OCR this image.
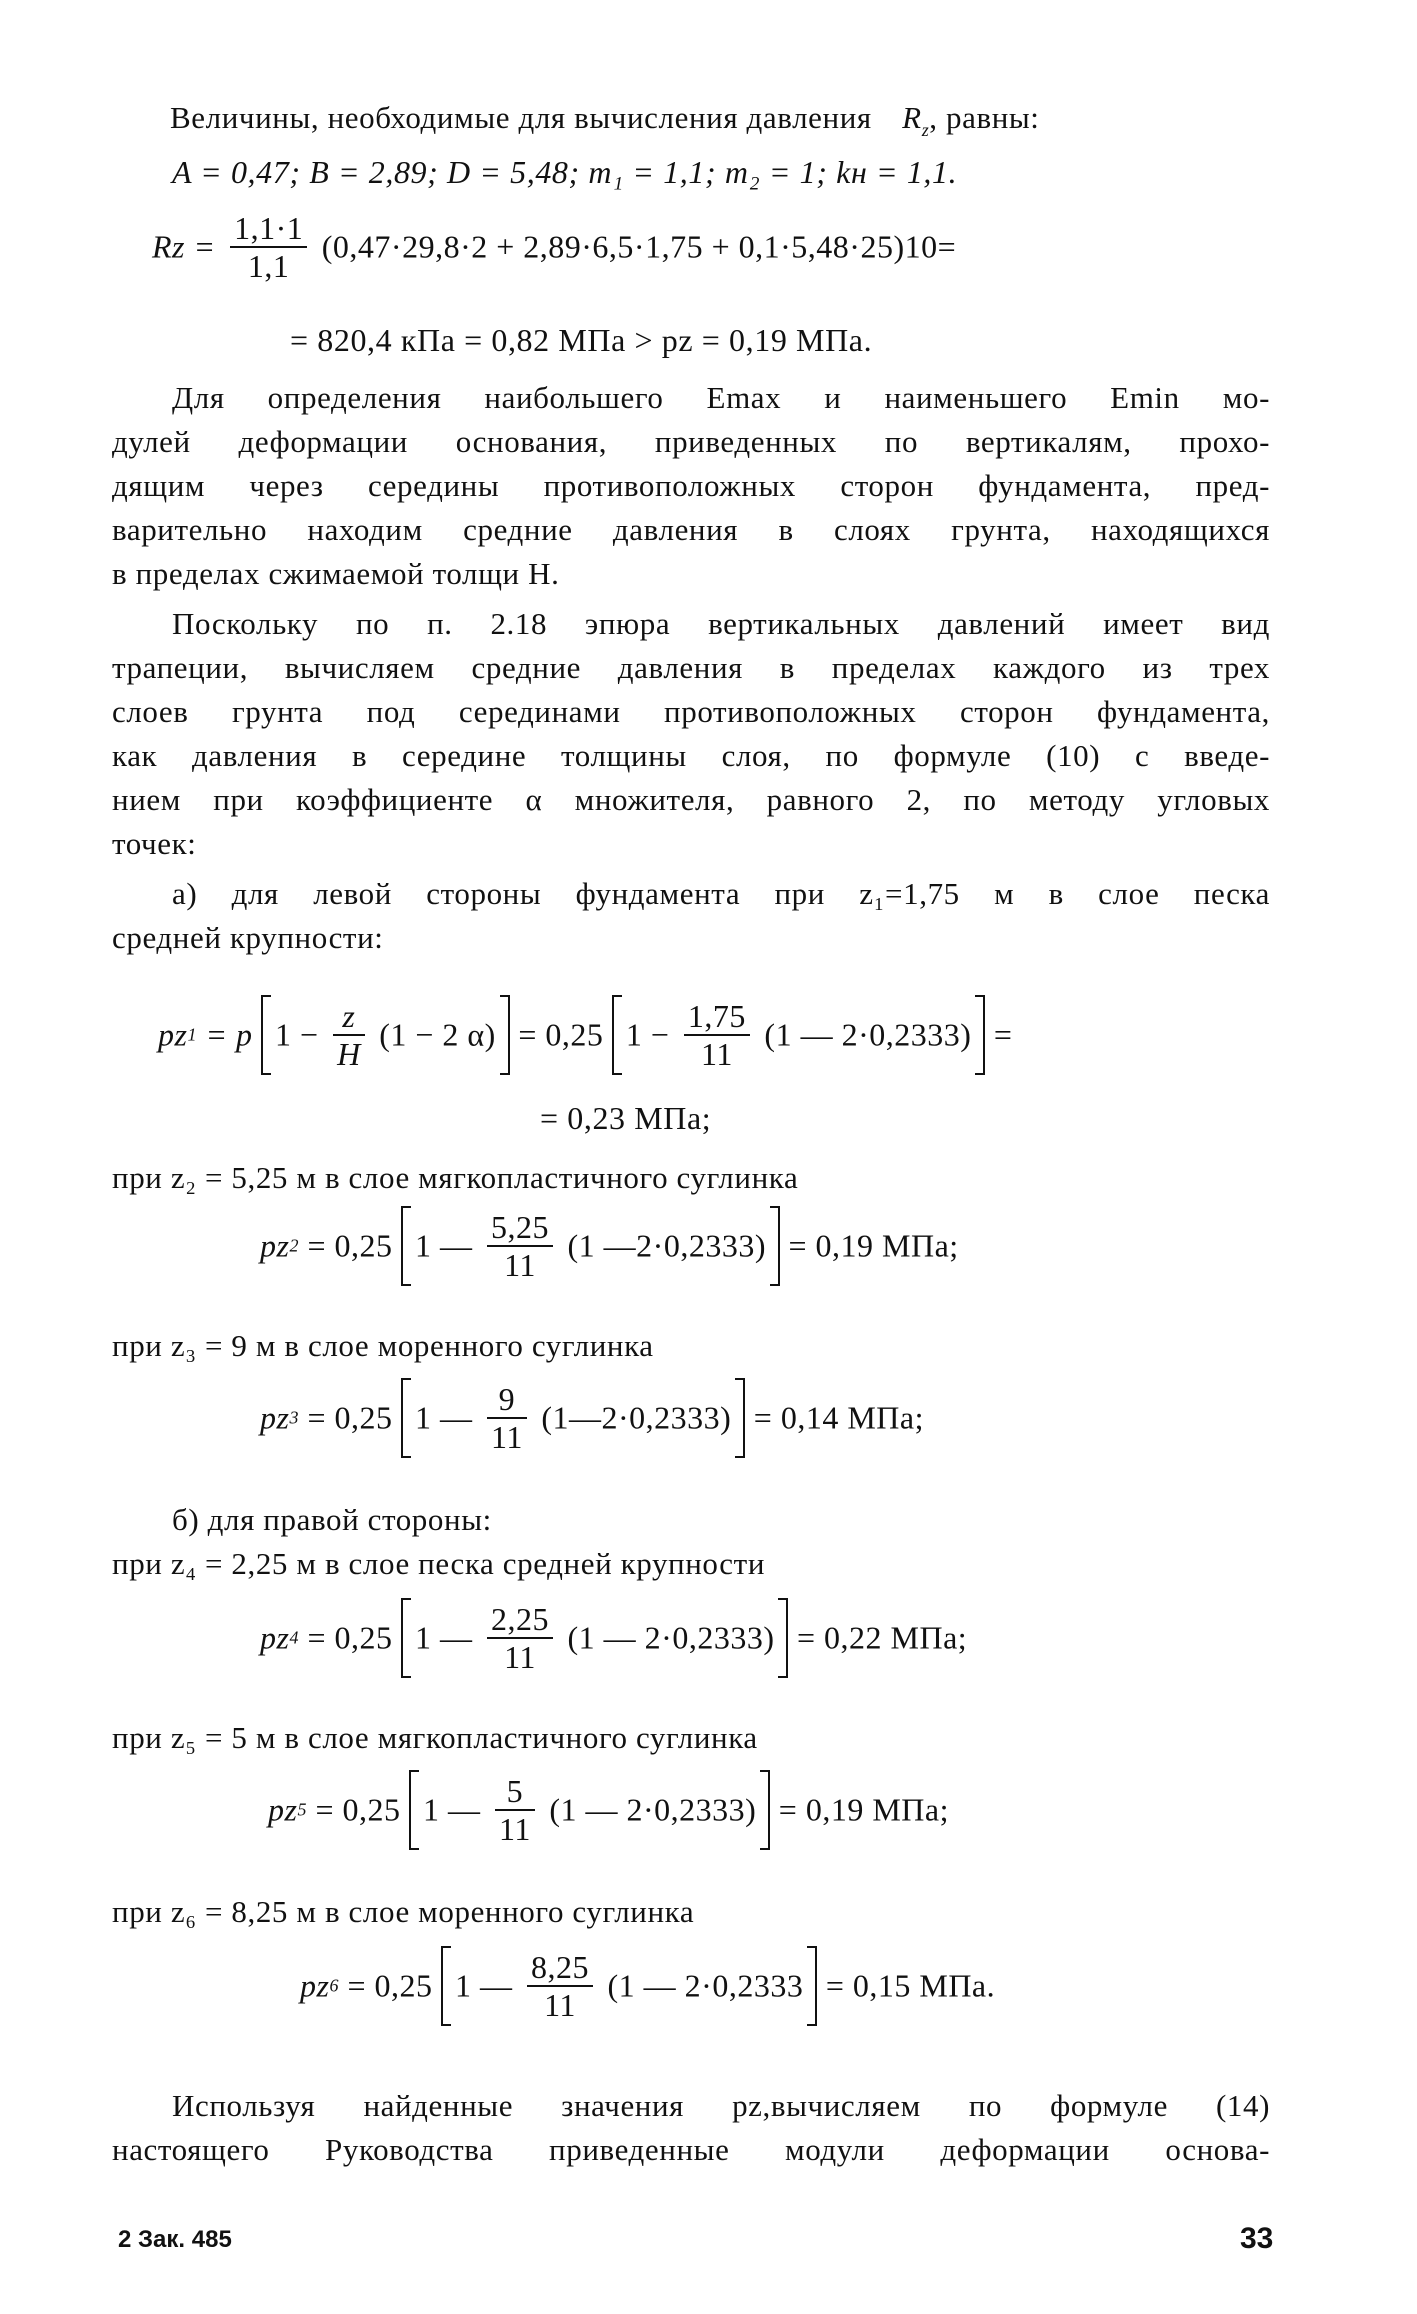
Величины, необходимые для вычисления давления $R_z$, равны:
A = 0,47; B = 2,89; D = 5,48; m₁ = 1,1; m₂ = 1; kн = 1,1.
$Rz = \frac{1,1\cdot 1}{1,1} (0,47\cdot 29,8\cdot 2 + 2,89\cdot 6,5\cdot 1,75 + 0,1\cdot 5,48\cdot 25)10=$
= 820,4 кПа = 0,82 МПа > pz = 0,19 МПа.
Для определения наибольшего Emax и наименьшего Emin мо-
дулей деформации основания, приведенных по вертикалям, прохо-
дящим через середины противоположных сторон фундамента, пред-
варительно находим средние давления в слоях грунта, находящихся
в пределах сжимаемой толщи H.
Поскольку по п. 2.18 эпюра вертикальных давлений имеет вид
трапеции, вычисляем средние давления в пределах каждого из трех
слоев грунта под серединами противоположных сторон фундамента,
как давления в середине толщины слоя, по формуле (10) с введе-
нием при коэффициенте α множителя, равного 2, по методу угловых
точек:
а) для левой стороны фундамента при z₁=1,75 м в слое песка
средней крупности:
pz1 = p $1 - \frac{z}{H} (1 - 2$ α) = 0,25 $1 - \frac{1,75}{11} (1$ — 2·0,2333) =
= 0,23 МПа;
при z₂ = 5,25 м в слое мягкопластичного суглинка
pz2 = 0,25 1 — $\frac{5,25}{11} (1$ —2·0,2333) = 0,19 МПа;
при z₃ = 9 м в слое моренного суглинка
pz3 = 0,25 1 — $\frac{9}{11}$ (1—2·0,2333) = 0,14 МПа;
б) для правой стороны:
при z₄ = 2,25 м в слое песка средней крупности
pz4 = 0,25 1 — $\frac{2,25}{11} (1$ — 2·0,2333) = 0,22 МПа;
при z₅ = 5 м в слое мягкопластичного суглинка
pz5 = 0,25 1 — $\frac{5}{11} (1$ — 2·0,2333) = 0,19 МПа;
при z₆ = 8,25 м в слое моренного суглинка
pz6 = 0,25 1 — $\frac{8,25}{11} (1$ — 2·0,2333 = 0,15 МПа.
Используя найденные значения pz,вычисляем по формуле (14)
настоящего Руководства приведенные модули деформации основа-
2 Зак. 485	33
